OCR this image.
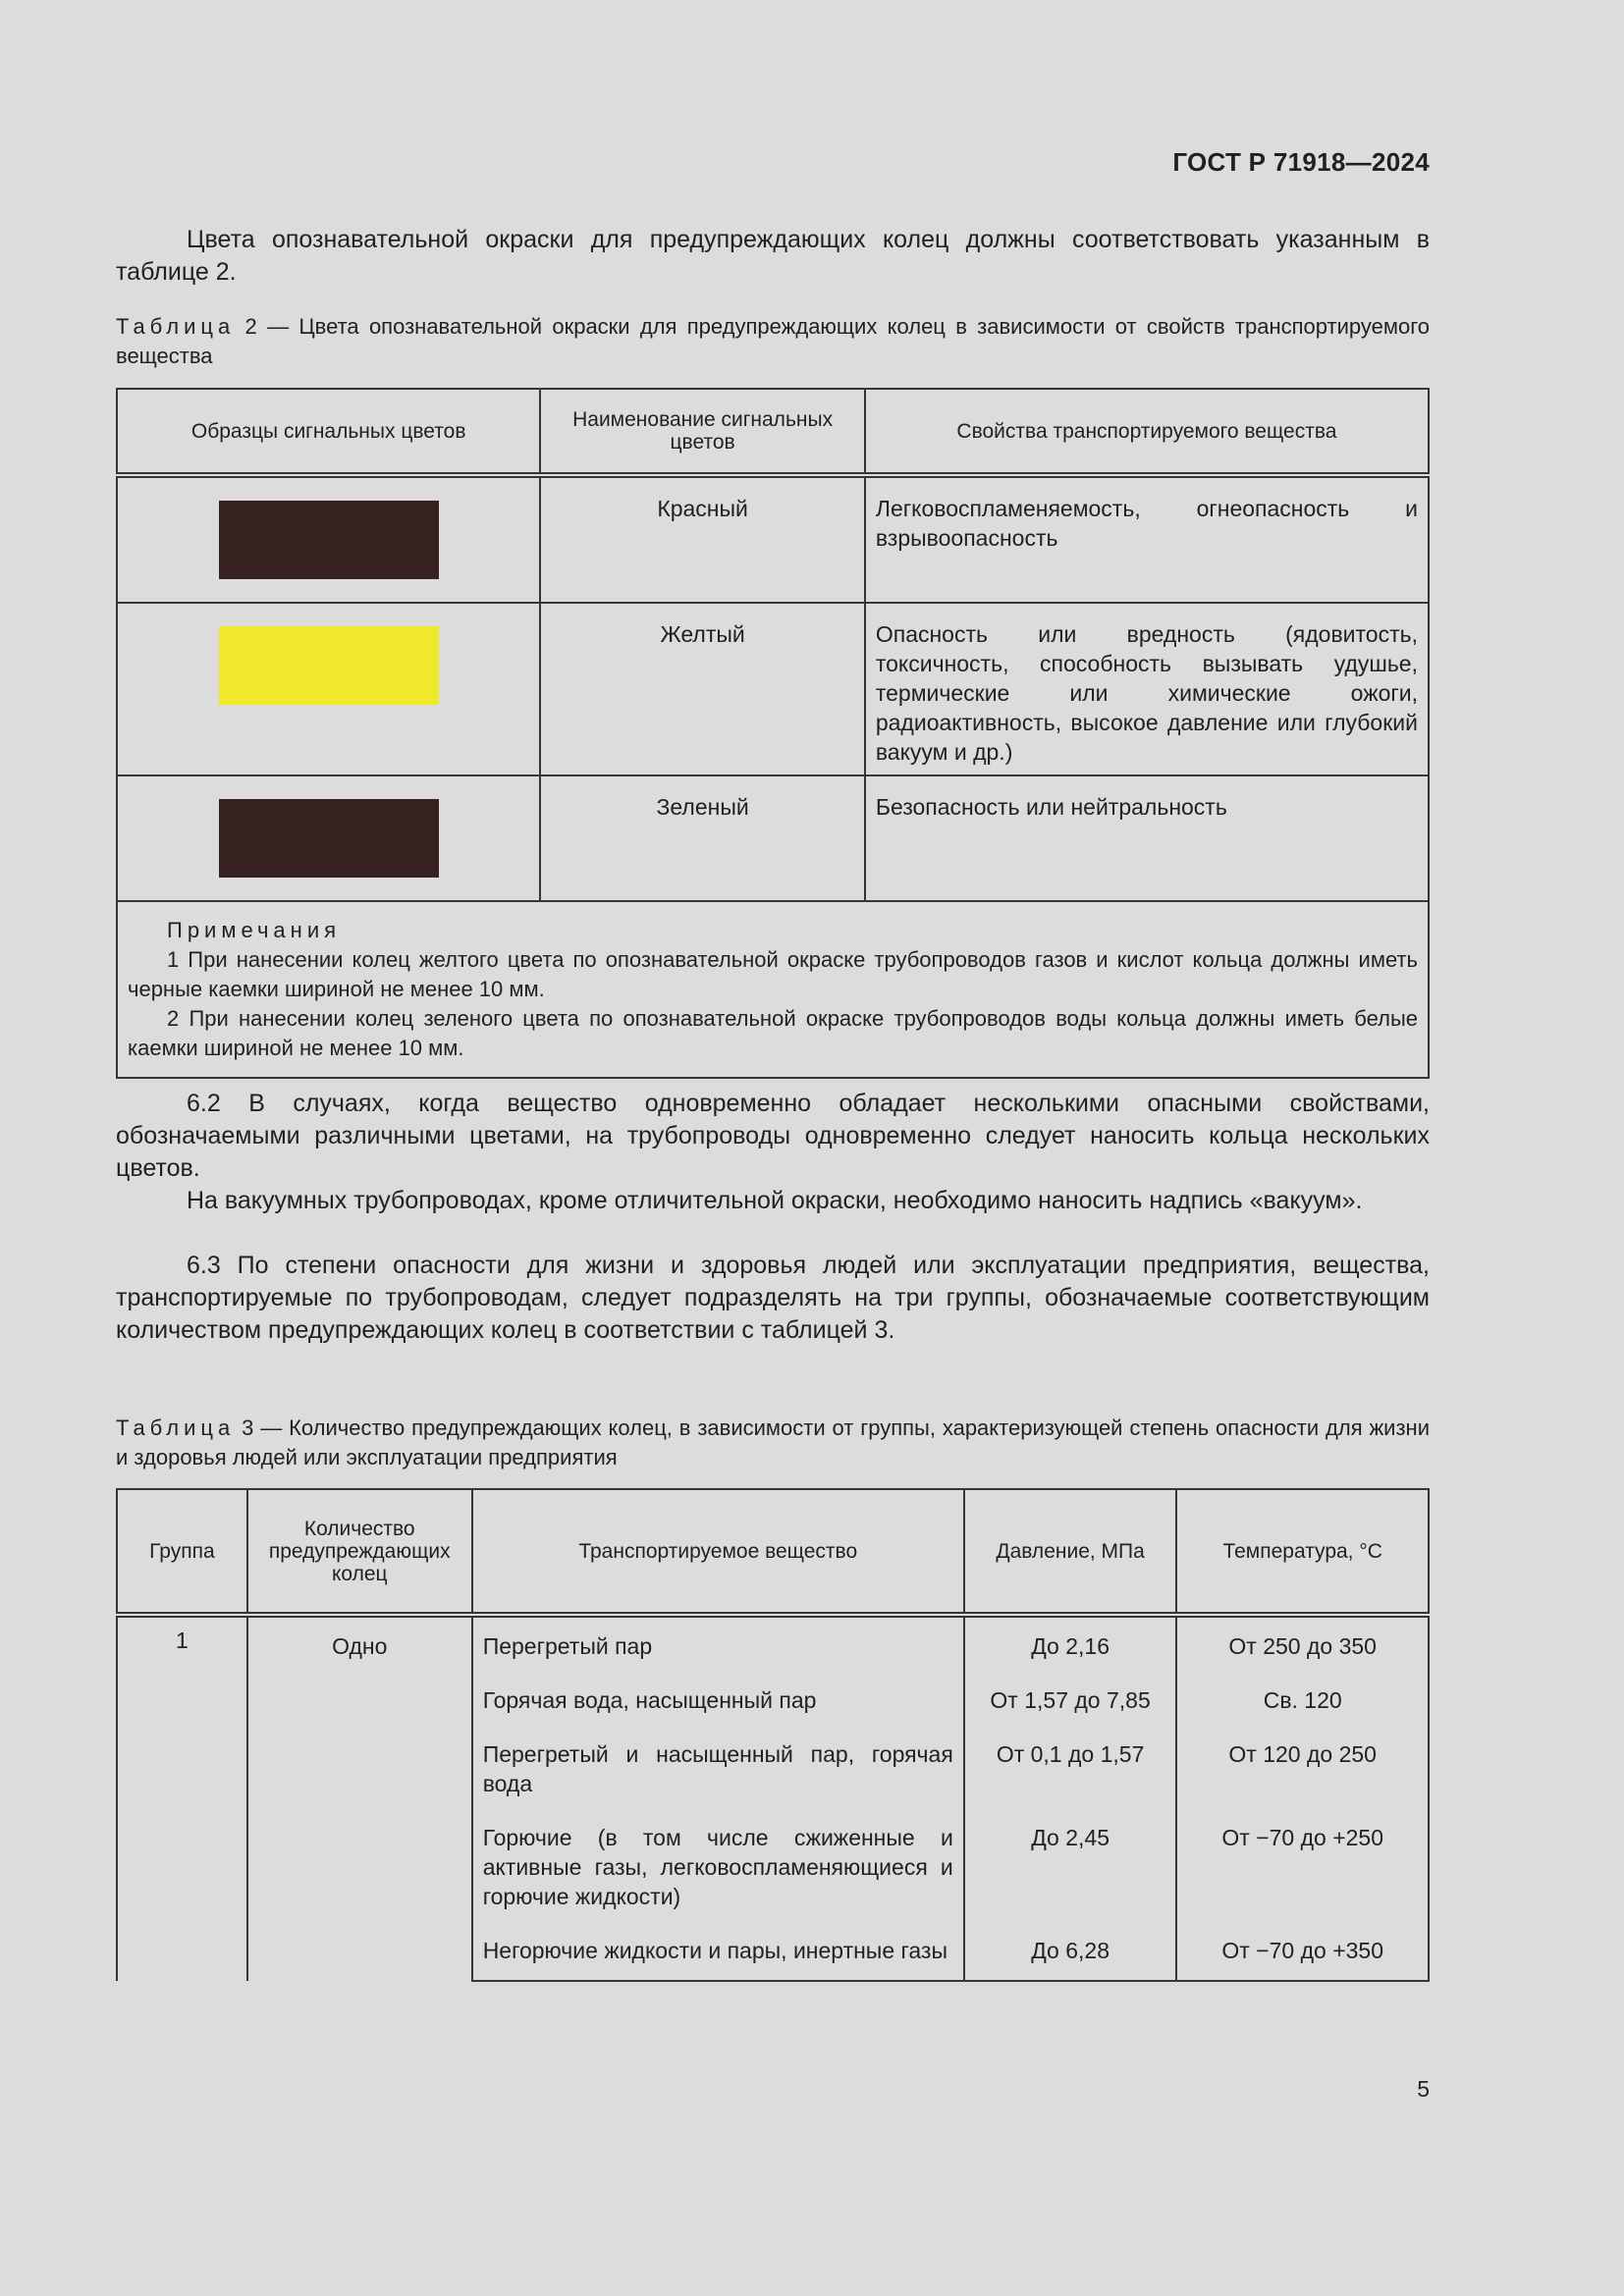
ГОСТ Р 71918—2024

Цвета опознавательной окраски для предупреждающих колец должны соответствовать указанным в таблице 2.

Таблица 2 — Цвета опознавательной окраски для предупреждающих колец в зависимости от свойств транспортируемого вещества

Образцы сигнальных цветов	Наименование сигнальных цветов	Свойства транспортируемого вещества

	Красный	Легковоспламеняемость, огнеопасность и взрывоопасность

	Желтый	Опасность или вредность (ядовитость, токсичность, способность вызывать удушье, термические или химические ожоги, радиоактивность, высокое давление или глубокий вакуум и др.)

	Зеленый	Безопасность или нейтральность

Примечания

1 При нанесении колец желтого цвета по опознавательной окраске трубопроводов газов и кислот кольца должны иметь черные каемки шириной не менее 10 мм.

2 При нанесении колец зеленого цвета по опознавательной окраске трубопроводов воды кольца должны иметь белые каемки шириной не менее 10 мм.		

6.2 В случаях, когда вещество одновременно обладает несколькими опасными свойствами, обозначаемыми различными цветами, на трубопроводы одновременно следует наносить кольца нескольких цветов.

На вакуумных трубопроводах, кроме отличительной окраски, необходимо наносить надпись «вакуум».

6.3 По степени опасности для жизни и здоровья людей или эксплуатации предприятия, вещества, транспортируемые по трубопроводам, следует подразделять на три группы, обозначаемые соответствующим количеством предупреждающих колец в соответствии с таблицей 3.

Таблица 3 — Количество предупреждающих колец, в зависимости от группы, характеризующей степень опасности для жизни и здоровья людей или эксплуатации предприятия

Группа	Количество предупреждающих колец	Транспортируемое вещество	Давление, МПа	Температура, °С
1	Одно	Перегретый пар	До 2,16	От 250 до 350
		Горячая вода, насыщенный пар	От 1,57 до 7,85	Св. 120
		Перегретый и насыщенный пар, горячая вода	От 0,1 до 1,57	От 120 до 250
		Горючие (в том числе сжиженные и активные газы, легковоспламеняющиеся и горючие жидкости)	До 2,45	От −70 до +250
		Негорючие жидкости и пары, инертные газы	До 6,28	От −70 до +350
5
